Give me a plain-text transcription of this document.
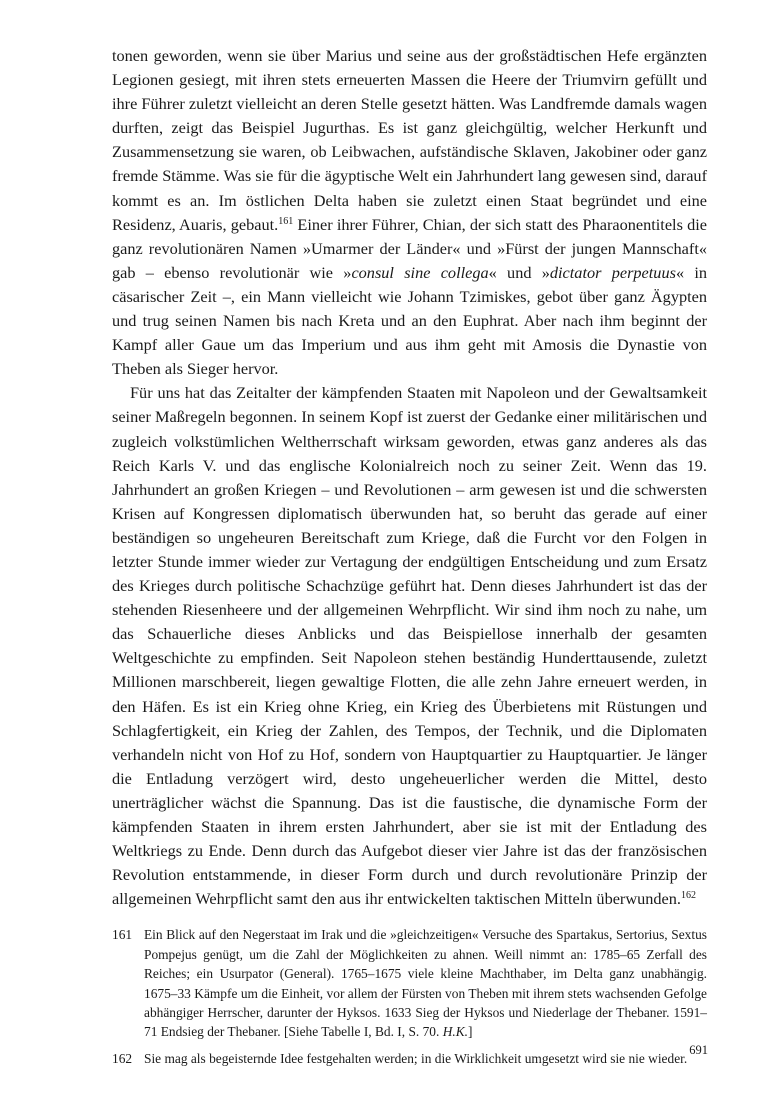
tonen geworden, wenn sie über Marius und seine aus der großstädtischen Hefe ergänzten Legionen gesiegt, mit ihren stets erneuerten Massen die Heere der Triumvirn gefüllt und ihre Führer zuletzt vielleicht an deren Stelle gesetzt hätten. Was Landfremde damals wagen durften, zeigt das Beispiel Jugurthas. Es ist ganz gleichgültig, welcher Herkunft und Zusammensetzung sie waren, ob Leibwachen, aufständische Sklaven, Jakobiner oder ganz fremde Stämme. Was sie für die ägyptische Welt ein Jahrhundert lang gewesen sind, darauf kommt es an. Im östlichen Delta haben sie zuletzt einen Staat begründet und eine Residenz, Auaris, gebaut.$^{161}$ Einer ihrer Führer, Chian, der sich statt des Pharaonentitels die ganz revolutionären Namen »Umarmer der Länder« und »Fürst der jungen Mannschaft« gab – ebenso revolutionär wie »consul sine collega« und »dictator perpetuus« in cäsarischer Zeit –, ein Mann vielleicht wie Johann Tzimiskes, gebot über ganz Ägypten und trug seinen Namen bis nach Kreta und an den Euphrat. Aber nach ihm beginnt der Kampf aller Gaue um das Imperium und aus ihm geht mit Amosis die Dynastie von Theben als Sieger hervor.

Für uns hat das Zeitalter der kämpfenden Staaten mit Napoleon und der Gewaltsamkeit seiner Maßregeln begonnen. In seinem Kopf ist zuerst der Gedanke einer militärischen und zugleich volkstümlichen Weltherrschaft wirksam geworden, etwas ganz anderes als das Reich Karls V. und das englische Kolonialreich noch zu seiner Zeit. Wenn das 19. Jahrhundert an großen Kriegen – und Revolutionen – arm gewesen ist und die schwersten Krisen auf Kongressen diplomatisch überwunden hat, so beruht das gerade auf einer beständigen so ungeheuren Bereitschaft zum Kriege, daß die Furcht vor den Folgen in letzter Stunde immer wieder zur Vertagung der endgültigen Entscheidung und zum Ersatz des Krieges durch politische Schachzüge geführt hat. Denn dieses Jahrhundert ist das der stehenden Riesenheere und der allgemeinen Wehrpflicht. Wir sind ihm noch zu nahe, um das Schauerliche dieses Anblicks und das Beispiellose innerhalb der gesamten Weltgeschichte zu empfinden. Seit Napoleon stehen beständig Hunderttausende, zuletzt Millionen marschbereit, liegen gewaltige Flotten, die alle zehn Jahre erneuert werden, in den Häfen. Es ist ein Krieg ohne Krieg, ein Krieg des Überbietens mit Rüstungen und Schlagfertigkeit, ein Krieg der Zahlen, des Tempos, der Technik, und die Diplomaten verhandeln nicht von Hof zu Hof, sondern von Hauptquartier zu Hauptquartier. Je länger die Entladung verzögert wird, desto ungeheuerlicher werden die Mittel, desto unerträglicher wächst die Spannung. Das ist die faustische, die dynamische Form der kämpfenden Staaten in ihrem ersten Jahrhundert, aber sie ist mit der Entladung des Weltkriegs zu Ende. Denn durch das Aufgebot dieser vier Jahre ist das der französischen Revolution entstammende, in dieser Form durch und durch revolutionäre Prinzip der allgemeinen Wehrpflicht samt den aus ihr entwickelten taktischen Mitteln überwunden.$^{162}$

161 Ein Blick auf den Negerstaat im Irak und die »gleichzeitigen« Versuche des Spartakus, Sertorius, Sextus Pompejus genügt, um die Zahl der Möglichkeiten zu ahnen. Weill nimmt an: 1785–65 Zerfall des Reiches; ein Usurpator (General). 1765–1675 viele kleine Machthaber, im Delta ganz unabhängig. 1675–33 Kämpfe um die Einheit, vor allem der Fürsten von Theben mit ihrem stets wachsenden Gefolge abhängiger Herrscher, darunter der Hyksos. 1633 Sieg der Hyksos und Niederlage der Thebaner. 1591–71 Endsieg der Thebaner. [Siehe Tabelle I, Bd. I, S. 70. H.K.]
162 Sie mag als begeisternde Idee festgehalten werden; in die Wirklichkeit umgesetzt wird sie nie wieder.
691
